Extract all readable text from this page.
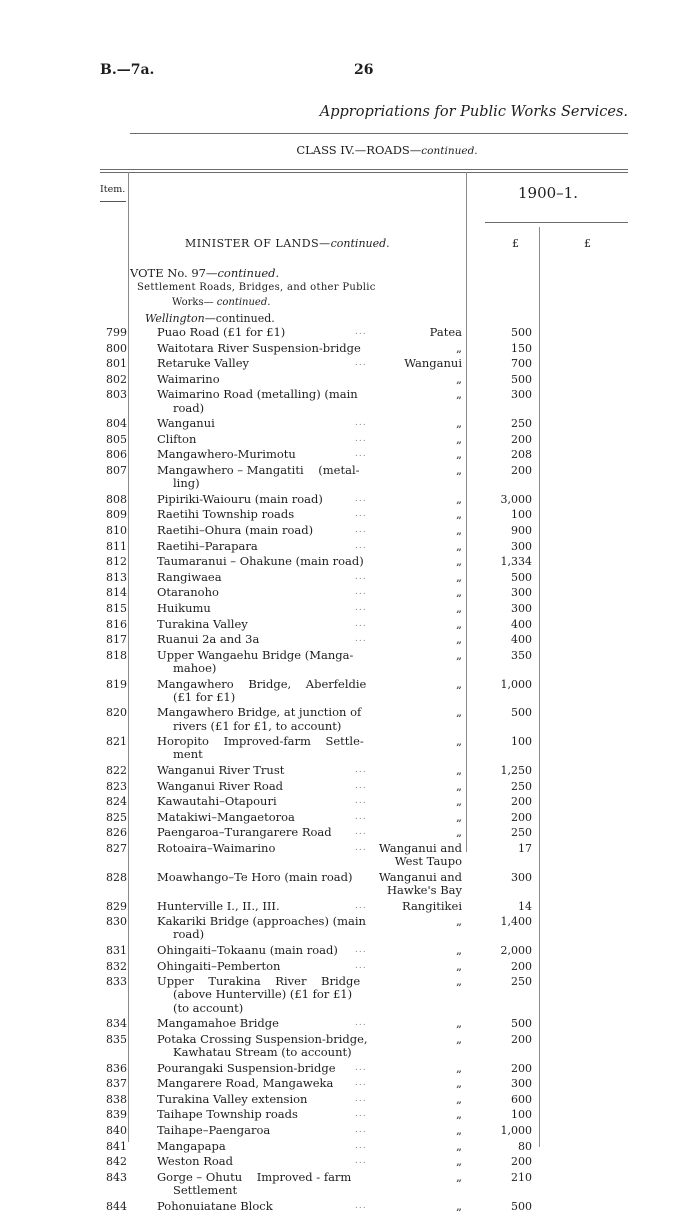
B.—7a.	26
Appropriations for Public Works Services.
CLASS IV.—ROADS—continued.
Item.	1900–1.
£	£
MINISTER OF LANDS—continued.
VOTE No. 97—continued.
Settlement Roads, Bridges, and other Public
Works— continued.
Wellington—continued.
799	Puao Road (£1 for £1)	...	Patea	500
800	Waitotara River Suspension-bridge	„	150
801	Retaruke Valley	...	Wanganui	700
802	Waimarino	„	500
803	Waimarino Road (metalling) (main
road)
„	300
804	Wanganui	...	„	250
805	Clifton	...	„	200
806	Mangawhero-Murimotu	...	„	208
807	Mangawhero – Mangatiti    (metal-
ling)
„	200
808	Pipiriki-Waiouru (main road)	...	„	3,000
809	Raetihi Township roads	...	„	100
810	Raetihi–Ohura (main road)	...	„	900
811	Raetihi–Parapara	...	„	300
812	Taumaranui – Ohakune (main road)	„	1,334
813	Rangiwaea	...	„	500
814	Otaranoho	...	„	300
815	Huikumu	...	„	300
816	Turakina Valley	...	„	400
817	Ruanui 2a and 3a	...	„	400
818	Upper Wangaehu Bridge (Manga-
mahoe)
„	350
819	Mangawhero    Bridge,    Aberfeldie
(£1 for £1)
„	1,000
820	Mangawhero Bridge, at junction of
rivers (£1 for £1, to account)
„	500
821	Horopito    Improved-farm    Settle-
ment
„	100
822	Wanganui River Trust	...	„	1,250
823	Wanganui River Road	...	„	250
824	Kawautahi–Otapouri	...	„	200
825	Matakiwi–Mangaetoroa	...	„	200
826	Paengaroa–Turangarere Road	...	„	250
827	Rotoaira–Waimarino	...	Wanganui and
West Taupo
17
828	Moawhango–Te Horo (main road)	Wanganui and
Hawke's Bay
300
829	Hunterville I., II., III.	...	Rangitikei	14
830	Kakariki Bridge (approaches) (main
road)
„	1,400
831	Ohingaiti–Tokaanu (main road)	...	„	2,000
832	Ohingaiti–Pemberton	...	„	200
833	Upper    Turakina    River    Bridge
(above Hunterville) (£1 for £1)
(to account)
„	250
834	Mangamahoe Bridge	...	„	500
835	Potaka Crossing Suspension-bridge,
Kawhatau Stream (to account)
„	200
836	Pourangaki Suspension-bridge	...	„	200
837	Mangarere Road, Mangaweka	...	„	300
838	Turakina Valley extension	...	„	600
839	Taihape Township roads	...	„	100
840	Taihape–Paengaroa	...	„	1,000
841	Mangapapa	...	„	80
842	Weston Road	...	„	200
843	Gorge – Ohutu    Improved - farm
Settlement
„	210
844	Pohonuiatane Block	...	„	500
